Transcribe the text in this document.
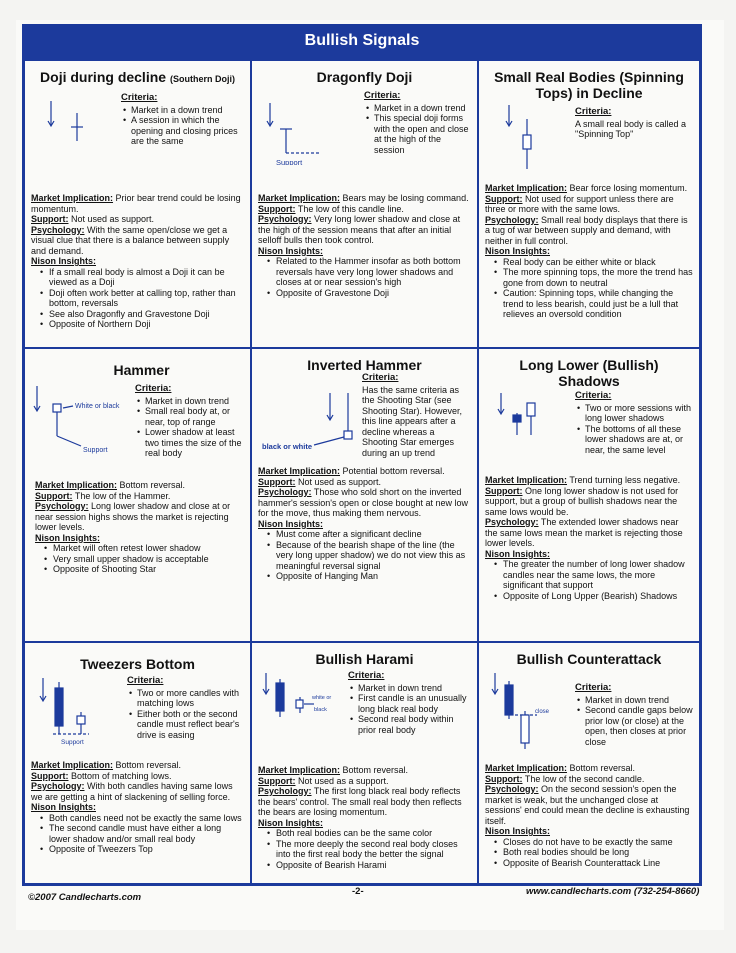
Bullish Signals
Doji during decline (Southern Doji)
Criteria:
• Market in a down trend
• A session in which the opening and closing prices are the same

Market Implication: Prior bear trend could be losing momentum.

Support: Not used as support.

Psychology: With the same open/close we get a visual clue that there is a balance between supply and demand.

Nison Insights:

• If a small real body is almost a Doji it can be viewed as a Doji
• Doji often work better at calling top, rather than bottom, reversals
• See also Dragonfly and Gravestone Doji
• Opposite of Northern Doji
Dragonfly Doji
Support
Criteria:
• Market in a down trend
• This special doji forms with the open and close at the high of the session

Market Implication: Bears may be losing command.

Support: The low of this candle line.

Psychology: Very long lower shadow and close at the high of the session means that after an initial selloff bulls then took control.

Nison Insights:

• Related to the Hammer insofar as both bottom reversals have very long lower shadows and closes at or near session's high
• Opposite of Gravestone Doji
Small Real Bodies (Spinning Tops) in Decline
Criteria:
A small real body is called a "Spinning Top"

Market Implication: Bear force losing momentum.

Support: Not used for support unless there are three or more with the same lows.

Psychology: Small real body displays that there is a tug of war between supply and demand, with neither in full control.

Nison Insights:

• Real body can be either white or black
• The more spinning tops, the more the trend has gone from down to neutral
• Caution: Spinning tops, while changing the trend to less bearish, could just be a lull that relieves an oversold condition
Hammer
White or black
Support
Criteria:
• Market in down trend
• Small real body at, or near, top of range
• Lower shadow at least two times the size of the real body

Market Implication: Bottom reversal.

Support: The low of the Hammer.

Psychology: Long lower shadow and close at or near session highs shows the market is rejecting lower levels.

Nison Insights:

• Market will often retest lower shadow
• Very small upper shadow is acceptable
• Opposite of Shooting Star
Inverted Hammer
black or white
Criteria:
Has the same criteria as the Shooting Star (see Shooting Star). However, this line appears after a decline whereas a Shooting Star emerges during an up trend

Market Implication: Potential bottom reversal.

Support: Not used as support.

Psychology: Those who sold short on the inverted hammer's session's open or close bought at new low for the move, thus making them nervous.

Nison Insights:

• Must come after a significant decline
• Because of the bearish shape of the line (the very long upper shadow) we do not view this as meaningful reversal signal
• Opposite of Hanging Man
Long Lower (Bullish) Shadows
Criteria:
• Two or more sessions with long lower shadows
• The bottoms of all these lower shadows are at, or near, the same level

Market Implication: Trend turning less negative.

Support: One long lower shadow is not used for support, but a group of bullish shadows near the same lows would be.

Psychology: The extended lower shadows near the same lows mean the market is rejecting those lower levels.

Nison Insights:

• The greater the number of long lower shadow candles near the same lows, the more significant that support
• Opposite of Long Upper (Bearish) Shadows
Tweezers Bottom
Support
Criteria:
• Two or more candles with matching lows
• Either both or the second candle must reflect bear's drive is easing

Market Implication: Bottom reversal.

Support: Bottom of matching lows.

Psychology: With both candles having same lows we are getting a hint of slackening of selling force.

Nison Insights:

• Both candles need not be exactly the same lows
• The second candle must have either a long lower shadow and/or small real body
• Opposite of Tweezers Top
Bullish Harami
white or
black
Criteria:
• Market in down trend
• First candle is an unusually long black real body
• Second real body within prior real body

Market Implication: Bottom reversal.

Support: Not used as a support.

Psychology: The first long black real body reflects the bears' control. The small real body then reflects the bears are losing momentum.

Nison Insights:

• Both real bodies can be the same color
• The more deeply the second real body closes into the first real body the better the signal
• Opposite of Bearish Harami
Bullish Counterattack
close
Criteria:
• Market in down trend
• Second candle gaps below prior low (or close) at the open, then closes at prior close

Market Implication: Bottom reversal.

Support: The low of the second candle.

Psychology: On the second session's open the market is weak, but the unchanged close at sessions' end could mean the decline is exhausting itself.

Nison Insights:

• Closes do not have to be exactly the same
• Both real bodies should be long
• Opposite of Bearish Counterattack Line
©2007 Candlecharts.com
-2-	www.candlecharts.com (732-254-8660)
